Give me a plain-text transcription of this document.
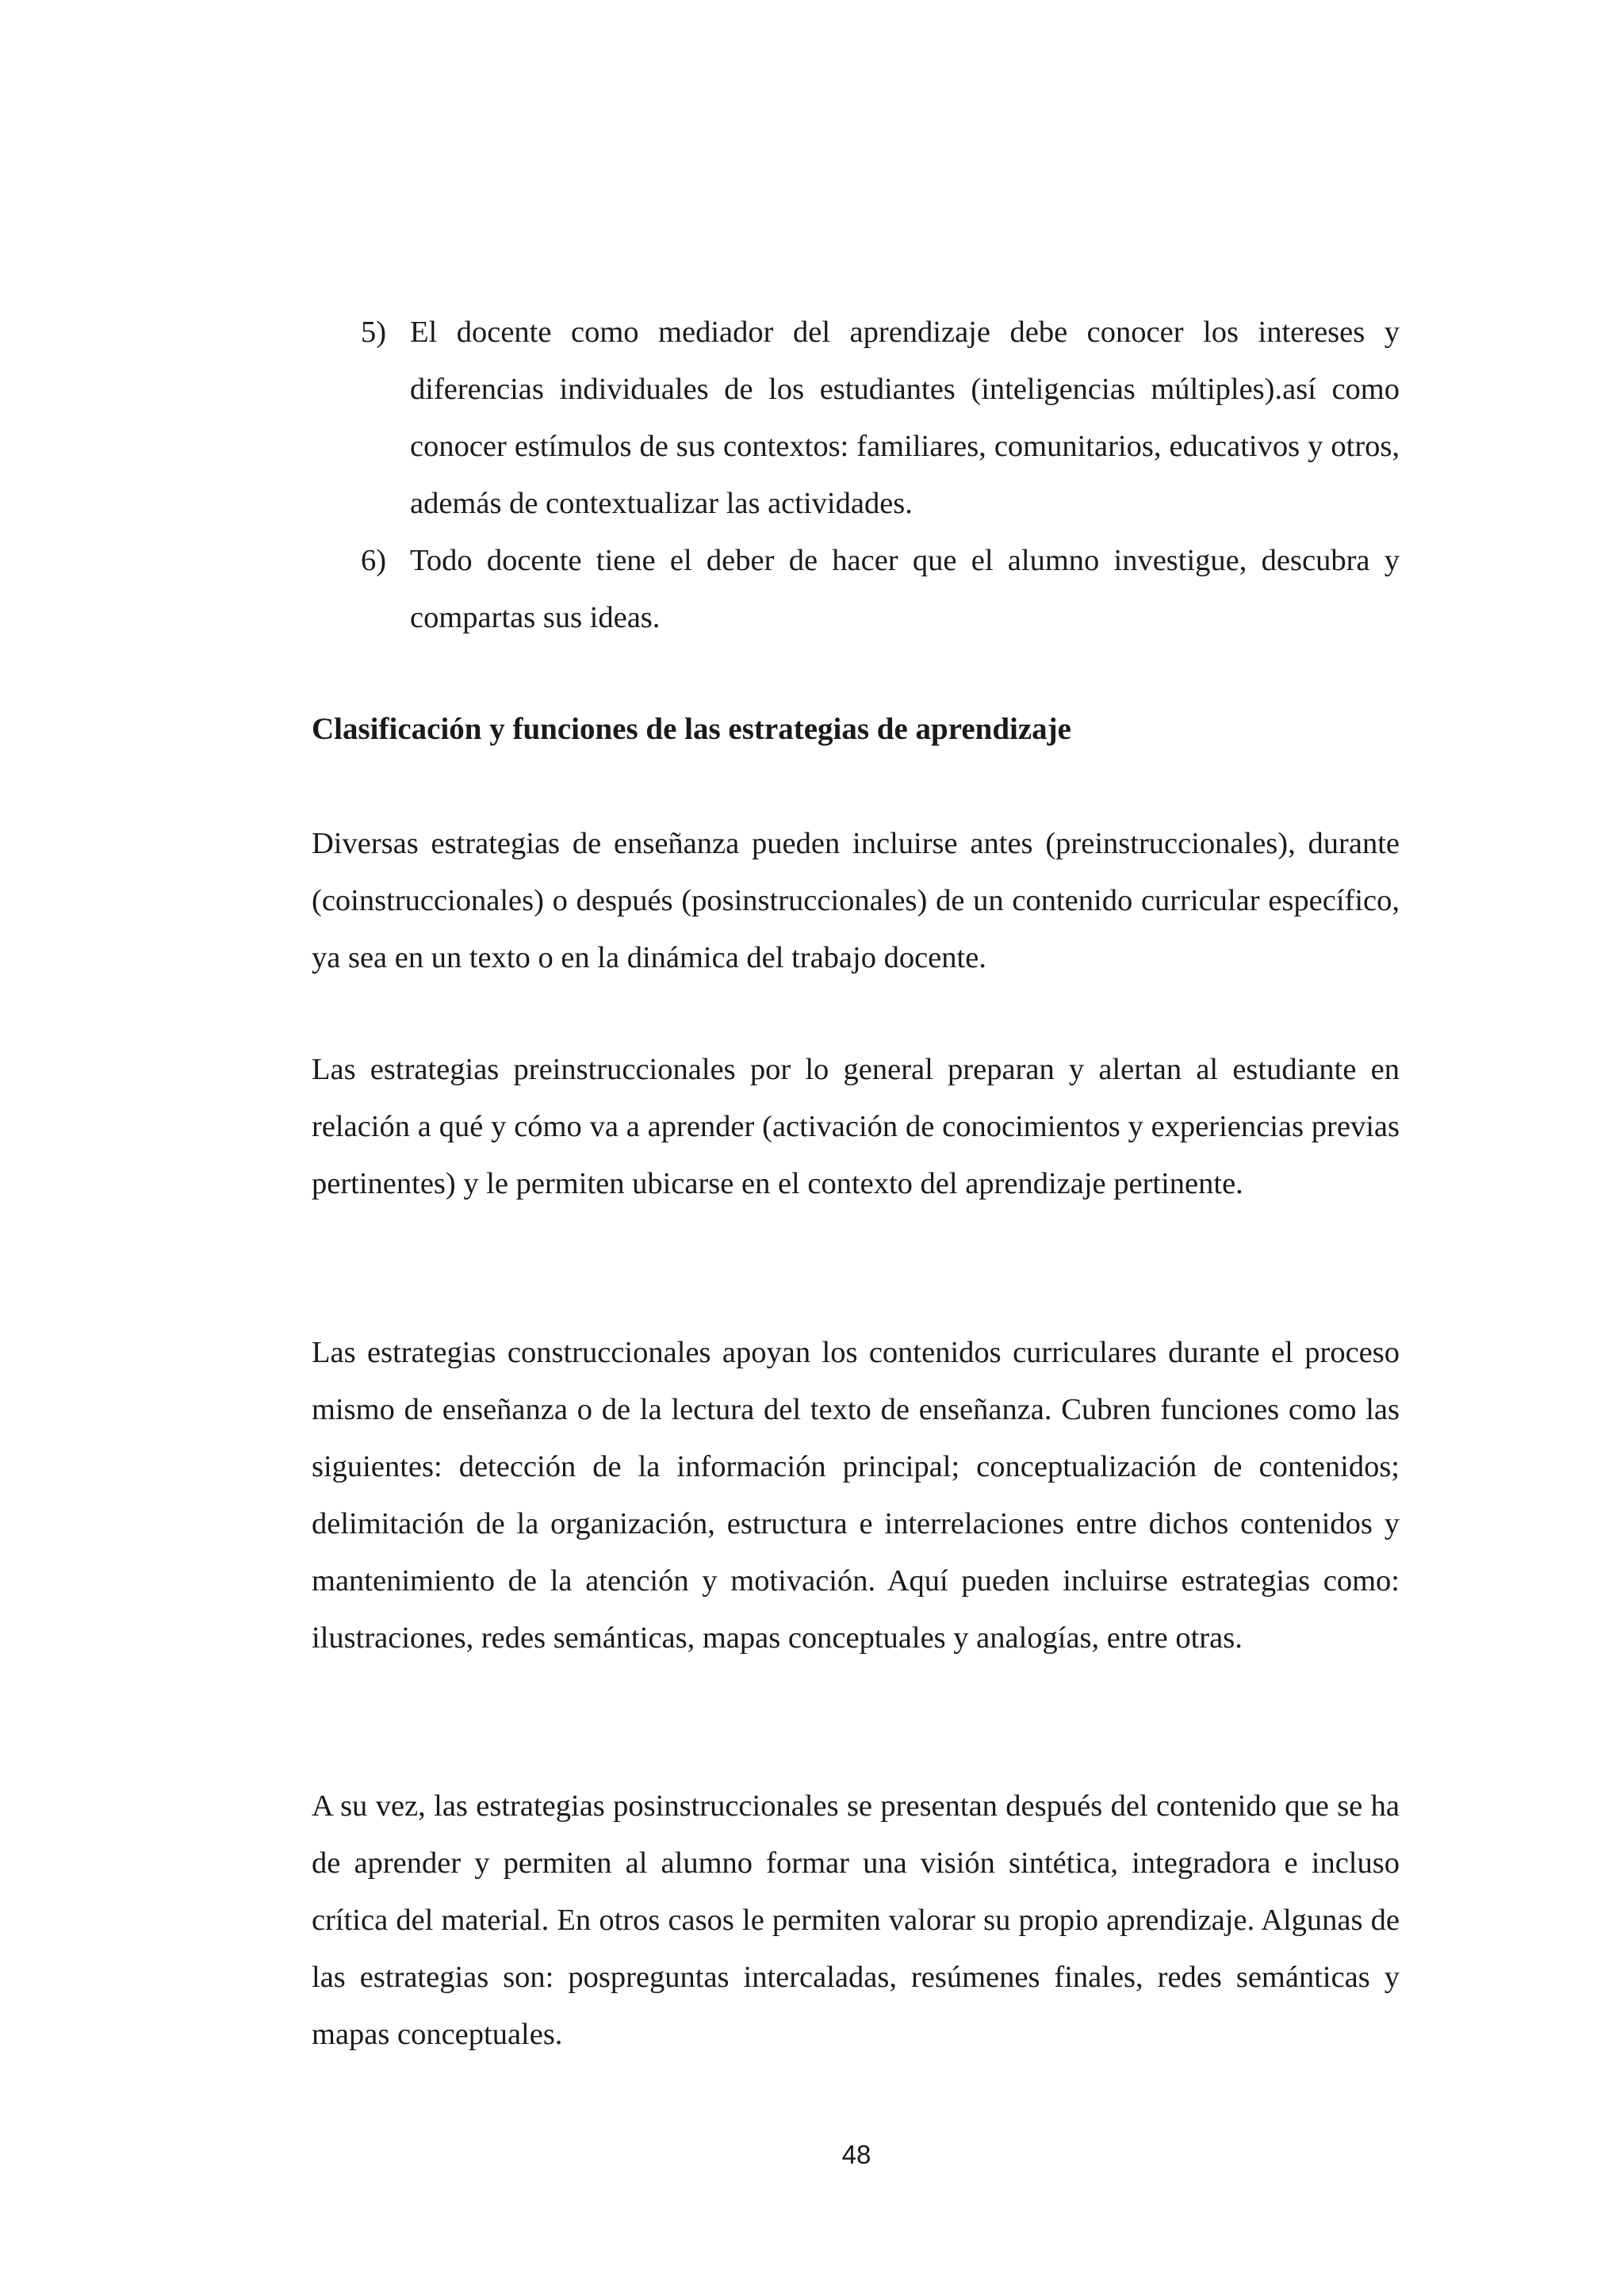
5) El docente como mediador del aprendizaje debe conocer los intereses y diferencias individuales de los estudiantes (inteligencias múltiples).así como conocer estímulos de sus contextos: familiares, comunitarios, educativos y otros, además de contextualizar las actividades.
6) Todo docente tiene el deber de hacer que el alumno investigue, descubra y compartas sus ideas.
Clasificación y funciones de las estrategias de aprendizaje
Diversas estrategias de enseñanza pueden incluirse antes (preinstruccionales), durante (coinstruccionales) o después (posinstruccionales) de un contenido curricular específico, ya sea en un texto o en la dinámica del trabajo docente.
Las estrategias preinstruccionales por lo general preparan y alertan al estudiante en relación a qué y cómo va a aprender (activación de conocimientos y experiencias previas pertinentes) y le permiten ubicarse en el contexto del aprendizaje pertinente.
Las estrategias construccionales apoyan los contenidos curriculares durante el proceso mismo de enseñanza o de la lectura del texto de enseñanza. Cubren funciones como las siguientes: detección de la información principal; conceptualización de contenidos; delimitación de la organización, estructura e interrelaciones entre dichos contenidos y mantenimiento de la atención y motivación. Aquí pueden incluirse estrategias como: ilustraciones, redes semánticas, mapas conceptuales y analogías, entre otras.
A su vez, las estrategias posinstruccionales se presentan después del contenido que se ha de aprender y permiten al alumno formar una visión sintética, integradora e incluso crítica del material. En otros casos le permiten valorar su propio aprendizaje. Algunas de las estrategias son: pospreguntas intercaladas, resúmenes finales, redes semánticas y mapas conceptuales.
48
